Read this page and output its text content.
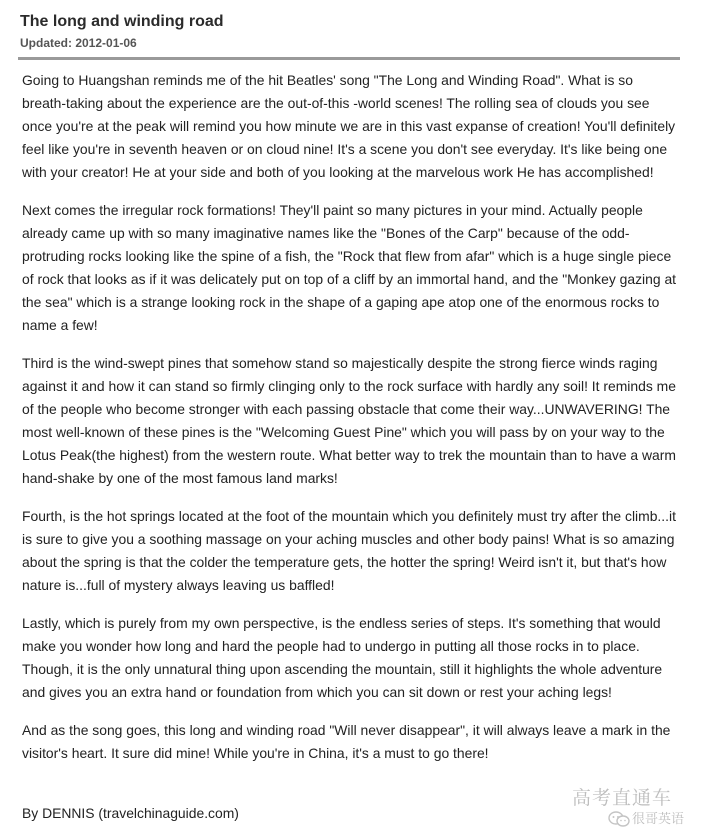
The long and winding road
Updated: 2012-01-06

Going to Huangshan reminds me of the hit Beatles' song "The Long and Winding Road". What is so breath-taking about the experience are the out-of-this -world scenes! The rolling sea of clouds you see once you're at the peak will remind you how minute we are in this vast expanse of creation! You'll definitely feel like you're in seventh heaven or on cloud nine! It's a scene you don't see everyday. It's like being one with your creator! He at your side and both of you looking at the marvelous work He has accomplished!

Next comes the irregular rock formations! They'll paint so many pictures in your mind. Actually people already came up with so many imaginative names like the "Bones of the Carp" because of the odd-protruding rocks looking like the spine of a fish, the "Rock that flew from afar" which is a huge single piece of rock that looks as if it was delicately put on top of a cliff by an immortal hand, and the "Monkey gazing at the sea" which is a strange looking rock in the shape of a gaping ape atop one of the enormous rocks to name a few!

Third is the wind-swept pines that somehow stand so majestically despite the strong fierce winds raging against it and how it can stand so firmly clinging only to the rock surface with hardly any soil! It reminds me of the people who become stronger with each passing obstacle that come their way...UNWAVERING! The most well-known of these pines is the "Welcoming Guest Pine" which you will pass by on your way to the Lotus Peak(the highest) from the western route. What better way to trek the mountain than to have a warm hand-shake by one of the most famous land marks!

Fourth, is the hot springs located at the foot of the mountain which you definitely must try after the climb...it is sure to give you a soothing massage on your aching muscles and other body pains! What is so amazing about the spring is that the colder the temperature gets, the hotter the spring! Weird isn't it, but that's how nature is...full of mystery always leaving us baffled!

Lastly, which is purely from my own perspective, is the endless series of steps. It's something that would make you wonder how long and hard the people had to undergo in putting all those rocks in to place. Though, it is the only unnatural thing upon ascending the mountain, still it highlights the whole adventure and gives you an extra hand or foundation from which you can sit down or rest your aching legs!

And as the song goes, this long and winding road "Will never disappear", it will always leave a mark in the visitor's heart. It sure did mine! While you're in China, it's a must to go there!

By DENNIS (travelchinaguide.com)
高考直通车
很哥英语
